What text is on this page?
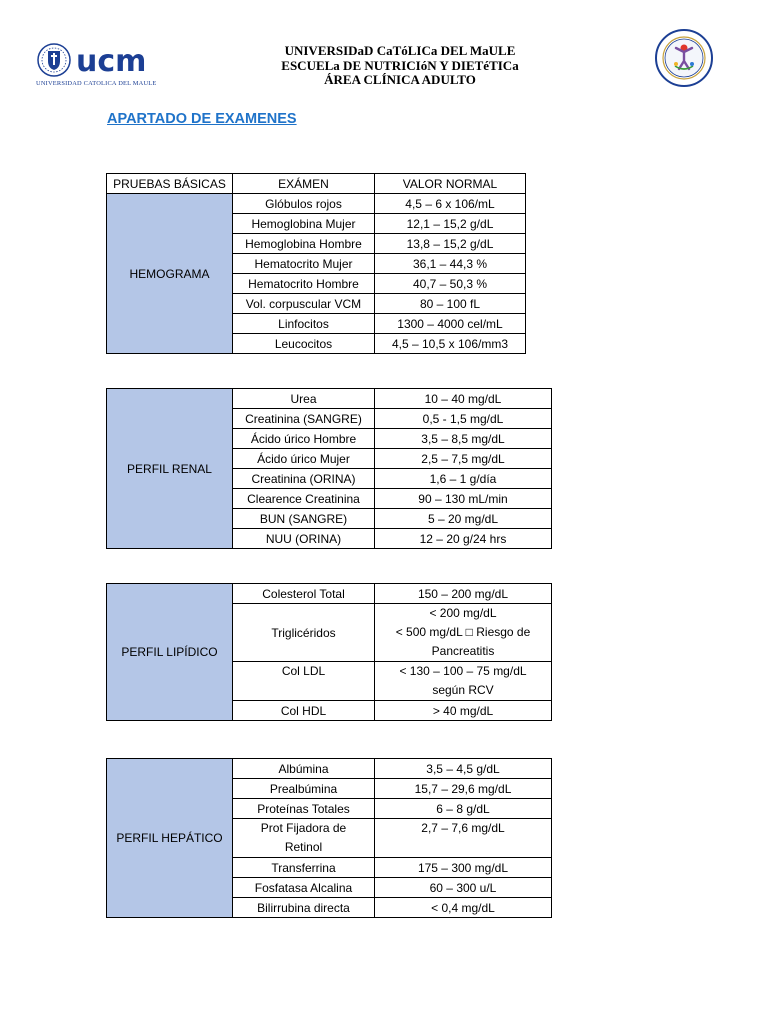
ucm
UNIVERSIDAD CATOLICA DEL MAULE
UNIVERSIDaD CaTóLICa DEL MaULE
ESCUELa DE NUTRICIóN Y DIETéTICa
ÁREA CLÍNICA ADULTO
APARTADO DE EXAMENES
PRUEBAS BÁSICAS	EXÁMEN	VALOR NORMAL
HEMOGRAMA	Glóbulos rojos	4,5 – 6 x 106/mL
	Hemoglobina Mujer	12,1 – 15,2 g/dL
	Hemoglobina Hombre	13,8 – 15,2 g/dL
	Hematocrito Mujer	36,1 – 44,3 %
	Hematocrito Hombre	40,7 – 50,3 %
	Vol. corpuscular VCM	80 – 100 fL
	Linfocitos	1300 – 4000 cel/mL
	Leucocitos	4,5 – 10,5 x 106/mm3
PERFIL RENAL	Urea	10 – 40 mg/dL
	Creatinina (SANGRE)	0,5 - 1,5 mg/dL
	Ácido úrico Hombre	3,5 – 8,5 mg/dL
	Ácido úrico Mujer	2,5 – 7,5 mg/dL
	Creatinina (ORINA)	1,6 – 1 g/día
	Clearence Creatinina	90 – 130 mL/min
	BUN (SANGRE)	5 – 20 mg/dL
	NUU (ORINA)	12 – 20 g/24 hrs
PERFIL LIPÍDICO	Colesterol Total	150 – 200 mg/dL
	Triglicéridos	< 200 mg/dL
< 500 mg/dL □ Riesgo de
Pancreatitis
	Col LDL	< 130 – 100 – 75 mg/dL
según RCV
	Col HDL	> 40 mg/dL
PERFIL HEPÁTICO	Albúmina	3,5 – 4,5 g/dL
	Prealbúmina	15,7 – 29,6 mg/dL
	Proteínas Totales	6 – 8 g/dL
	Prot Fijadora de
Retinol	2,7 – 7,6 mg/dL
	Transferrina	175 – 300 mg/dL
	Fosfatasa Alcalina	60 – 300 u/L
	Bilirrubina directa	< 0,4 mg/dL
